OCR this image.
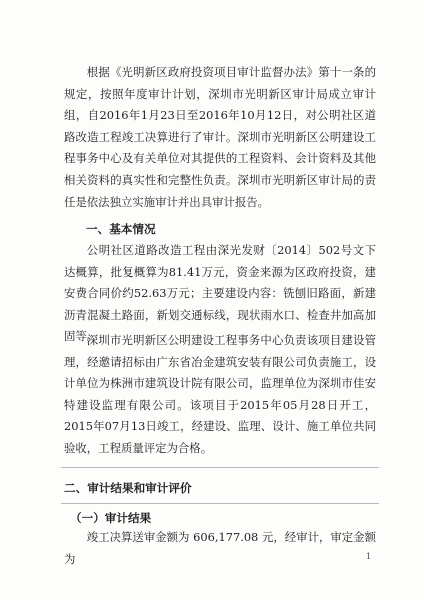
根据《光明新区政府投资项目审计监督办法》第十一条的规定，按照年度审计计划，深圳市光明新区审计局成立审计组，自2016年1月23日至2016年10月12日，对公明社区道路改造工程竣工决算进行了审计。深圳市光明新区公明建设工程事务中心及有关单位对其提供的工程资料、会计资料及其他相关资料的真实性和完整性负责。深圳市光明新区审计局的责任是依法独立实施审计并出具审计报告。

一、基本情况

公明社区道路改造工程由深光发财〔2014〕502号文下达概算，批复概算为81.41万元，资金来源为区政府投资，建安费合同价约52.63万元；主要建设内容：铣刨旧路面，新建沥青混凝土路面，新划交通标线，现状雨水口、检查井加高加固等。

深圳市光明新区公明建设工程事务中心负责该项目建设管理，经邀请招标由广东省冶金建筑安装有限公司负责施工，设计单位为株洲市建筑设计院有限公司，监理单位为深圳市佳安特建设监理有限公司。该项目于2015年05月28日开工，2015年07月13日竣工，经建设、监理、设计、施工单位共同验收，工程质量评定为合格。

二、审计结果和审计评价
（一）审计结果

竣工决算送审金额为 606,177.08 元，经审计，审定金额为	1
